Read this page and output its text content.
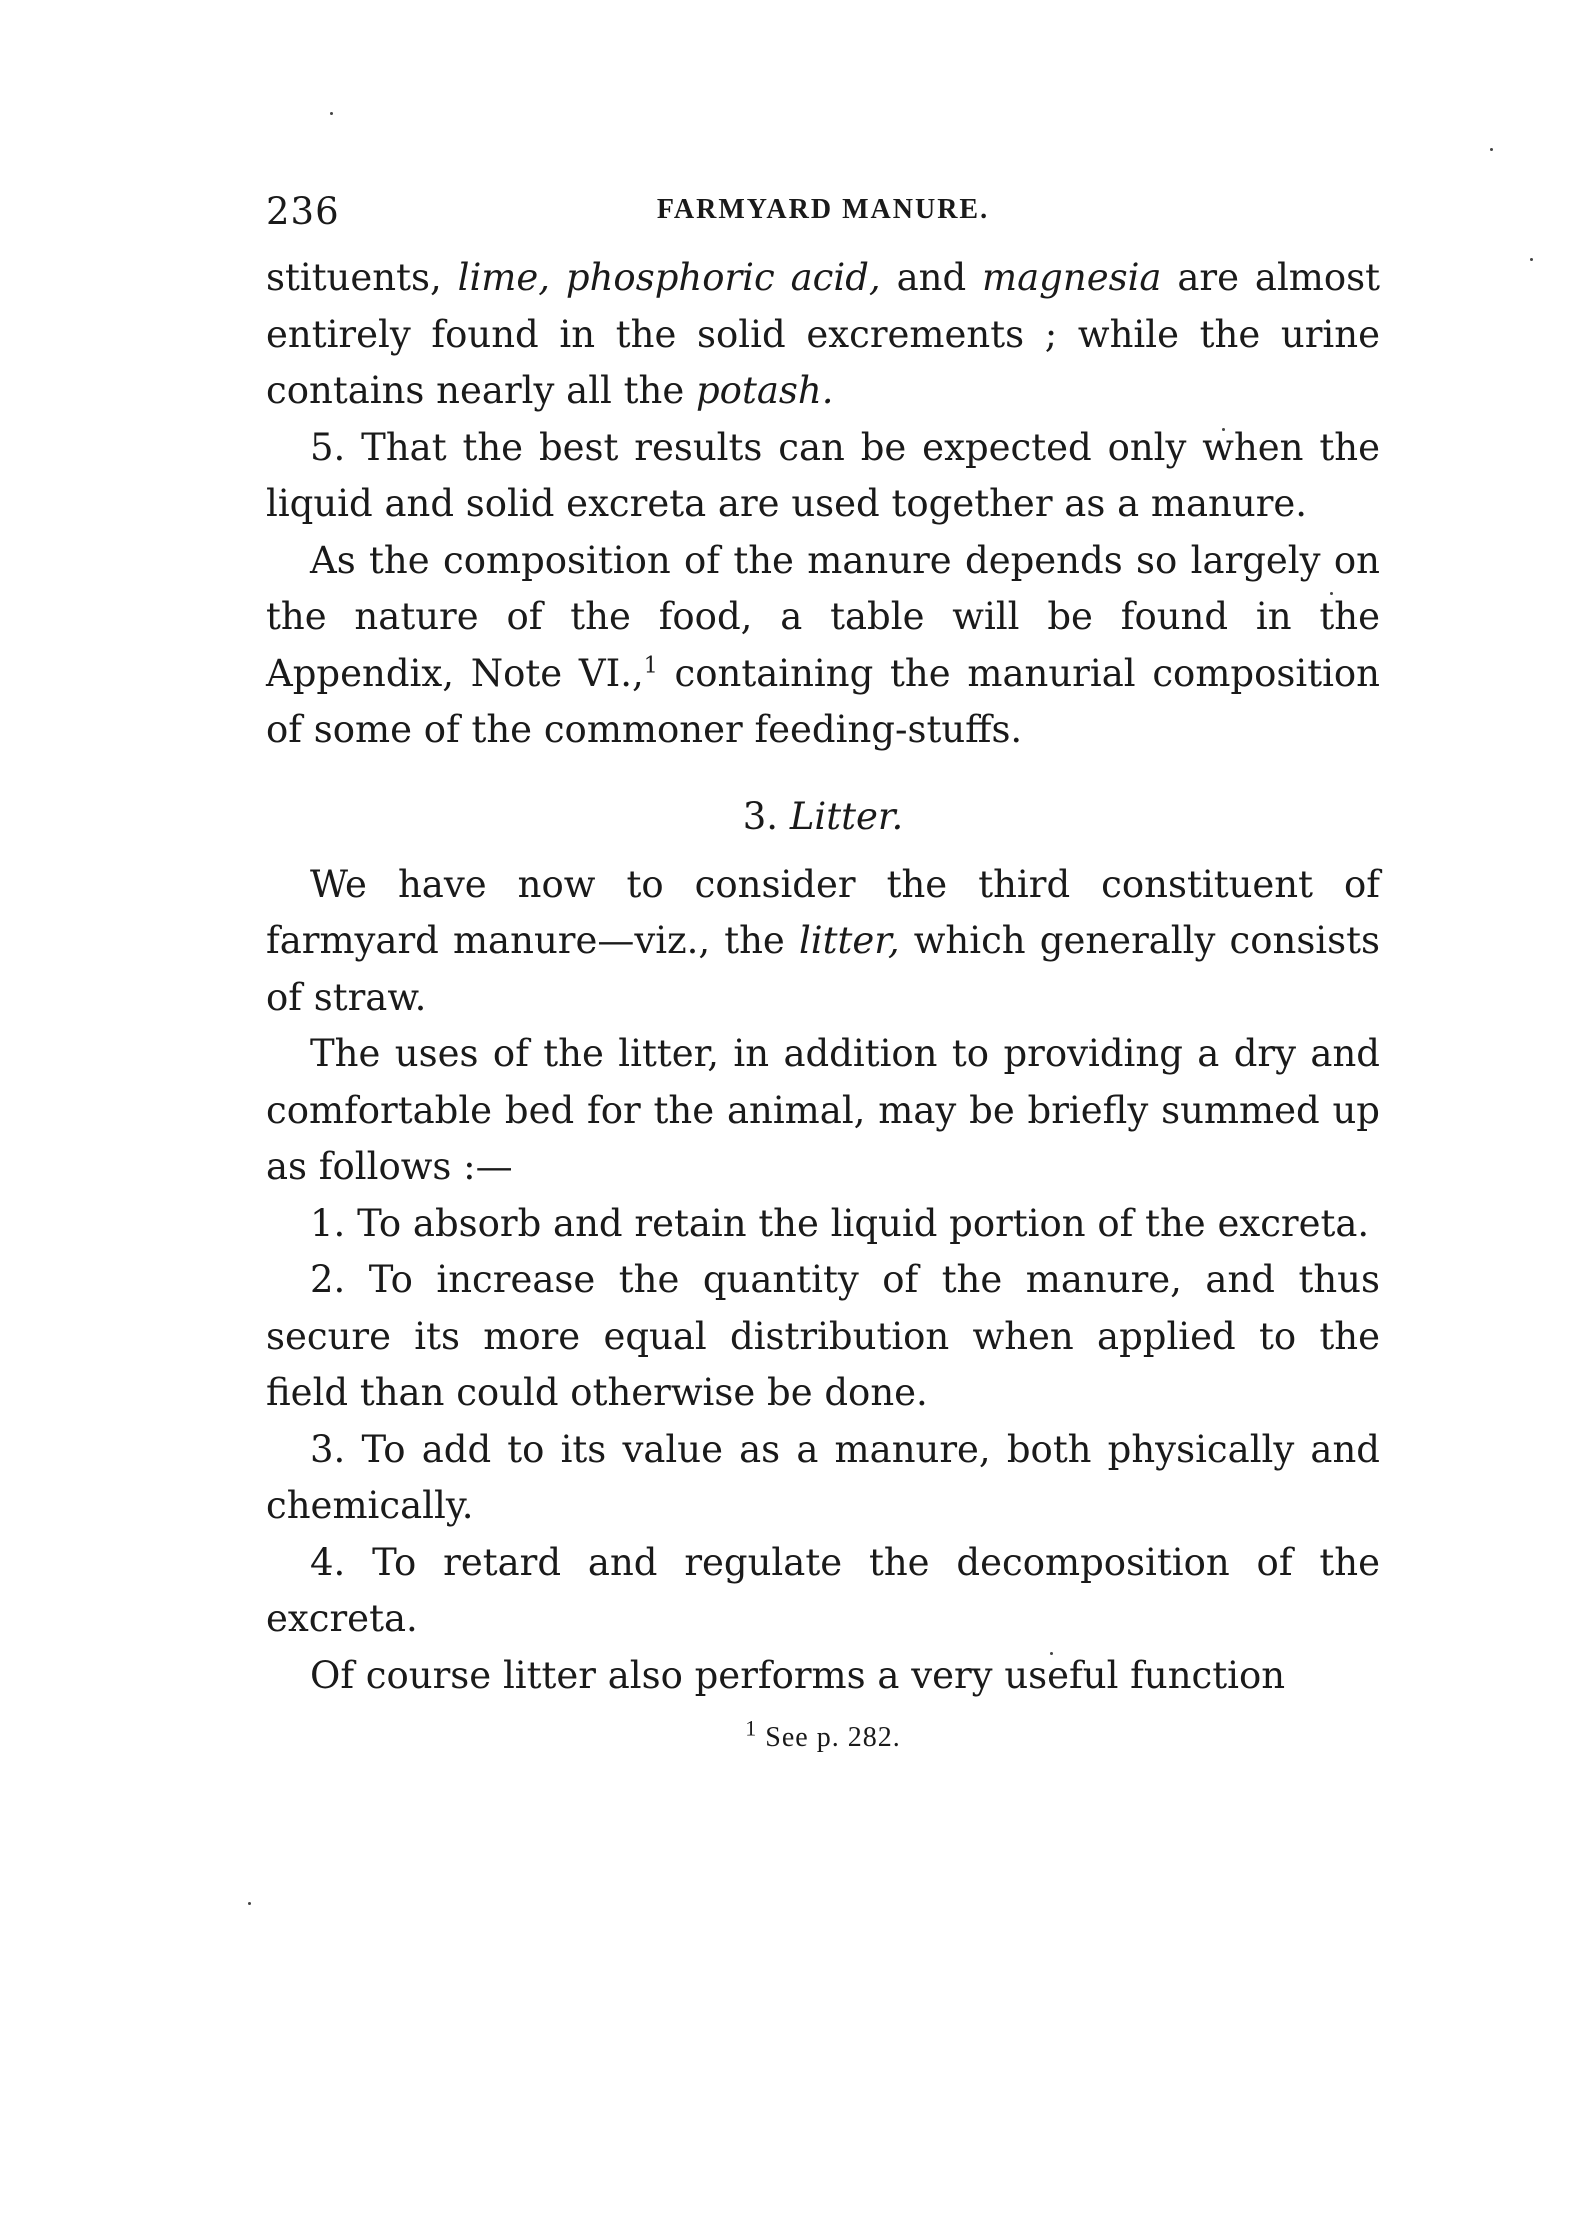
236	FARMYARD MANURE.

stituents, lime, phosphoric acid, and magnesia are almost entirely found in the solid excrements ; while the urine contains nearly all the potash.

5. That the best results can be expected only when the liquid and solid excreta are used together as a manure.

As the composition of the manure depends so largely on the nature of the food, a table will be found in the Appendix, Note VI.,$^1$ containing the manurial composition of some of the commoner feeding-stuffs.

3. Litter.

We have now to consider the third constituent of farmyard manure—viz., the litter, which generally consists of straw.

The uses of the litter, in addition to providing a dry and comfortable bed for the animal, may be briefly summed up as follows :—

1. To absorb and retain the liquid portion of the excreta.

2. To increase the quantity of the manure, and thus secure its more equal distribution when applied to the field than could otherwise be done.

3. To add to its value as a manure, both physically and chemically.

4. To retard and regulate the decomposition of the excreta.

Of course litter also performs a very useful function

$^1$ See p. 282.
